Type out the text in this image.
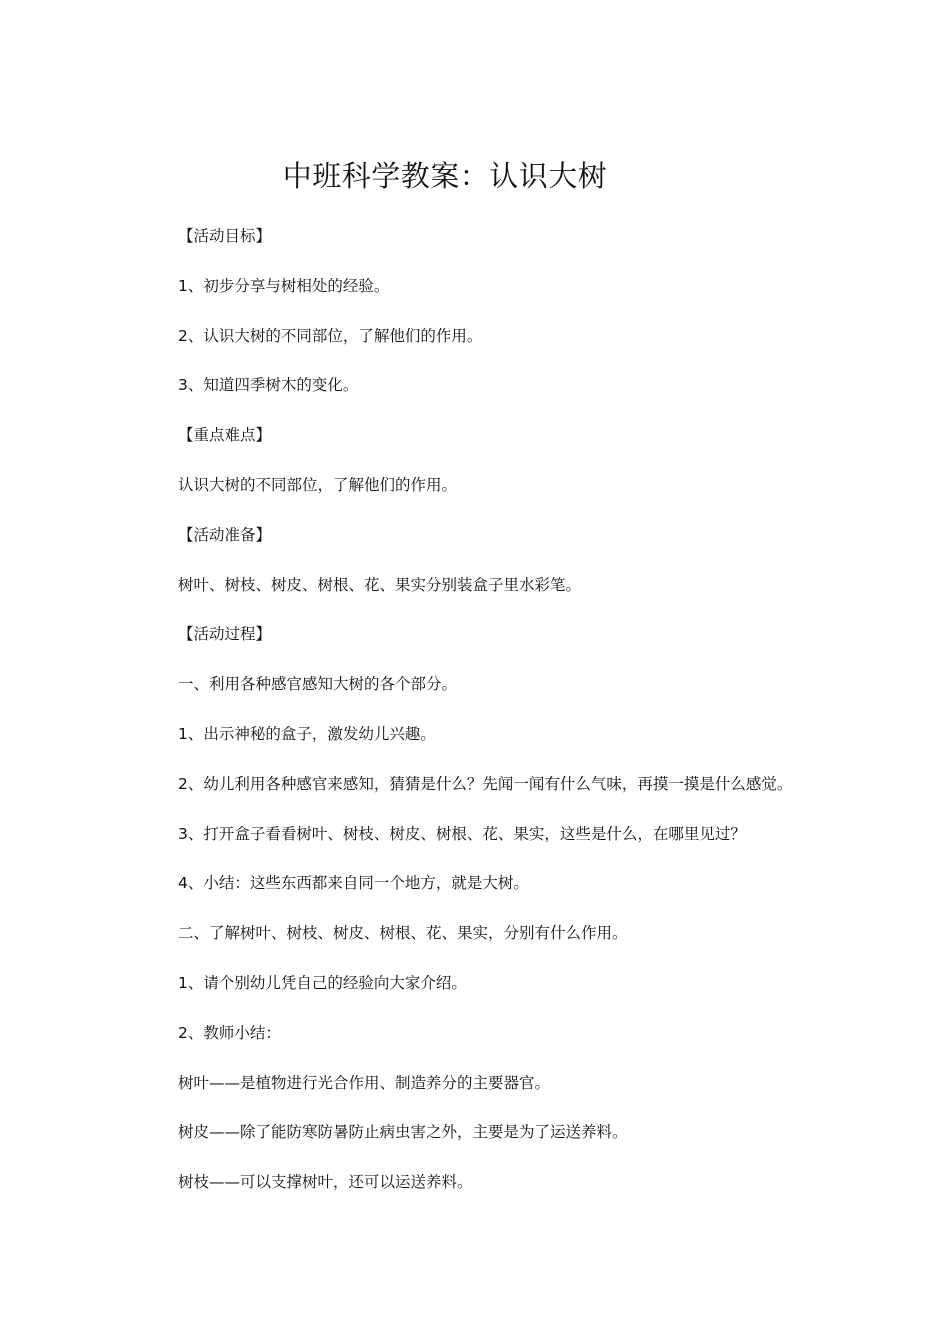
中班科学教案：认识大树
【活动目标】
1、初步分享与树相处的经验。
2、认识大树的不同部位，了解他们的作用。
3、知道四季树木的变化。
【重点难点】
认识大树的不同部位，了解他们的作用。
【活动准备】
树叶、树枝、树皮、树根、花、果实分别装盒子里水彩笔。
【活动过程】
一、利用各种感官感知大树的各个部分。
1、出示神秘的盒子，激发幼儿兴趣。
2、幼儿利用各种感官来感知，猜猜是什么？先闻一闻有什么气味，再摸一摸是什么感觉。
3、打开盒子看看树叶、树枝、树皮、树根、花、果实，这些是什么，在哪里见过？
4、小结：这些东西都来自同一个地方，就是大树。
二、了解树叶、树枝、树皮、树根、花、果实，分别有什么作用。
1、请个别幼儿凭自己的经验向大家介绍。
2、教师小结：
树叶——是植物进行光合作用、制造养分的主要器官。
树皮——除了能防寒防暑防止病虫害之外，主要是为了运送养料。
树枝——可以支撑树叶，还可以运送养料。
